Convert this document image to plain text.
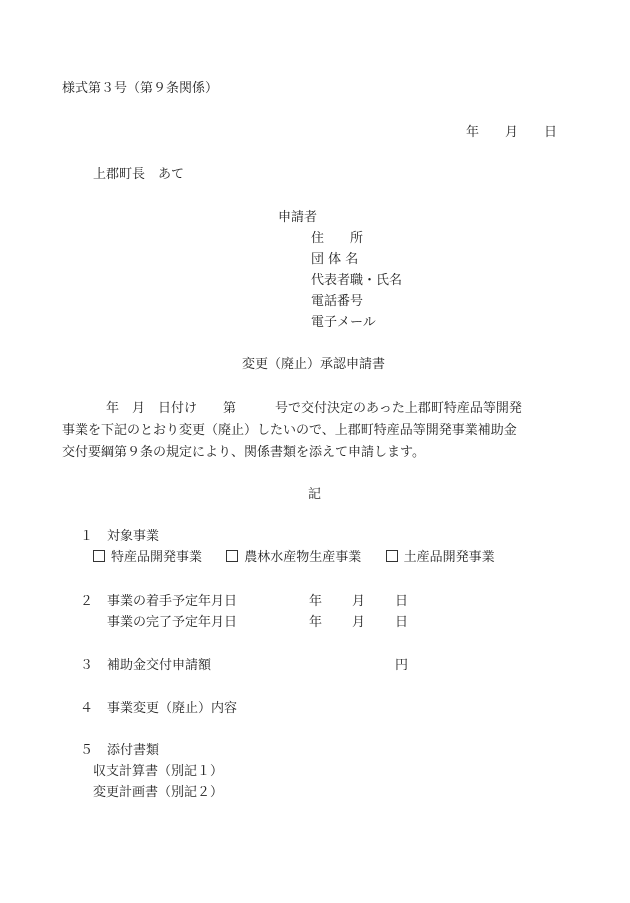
様式第３号（第９条関係）
年　　月　　日
上郡町長　あて
申請者
住　　所
団 体 名
代表者職・氏名
電話番号
電子メール
変更（廃止）承認申請書
年　月　日付け　　第　　　号で交付決定のあった上郡町特産品等開発
事業を下記のとおり変更（廃止）したいので、上郡町特産品等開発事業補助金
交付要綱第９条の規定により、関係書類を添えて申請します。
記
１ 対象事業
特産品開発事業	農林水産物生産事業	土産品開発事業
２ 事業の着手予定年月日	年 月 日
事業の完了予定年月日	年 月 日
３ 補助金交付申請額	円
４ 事業変更（廃止）内容
５ 添付書類
収支計算書（別記１）
変更計画書（別記２）
